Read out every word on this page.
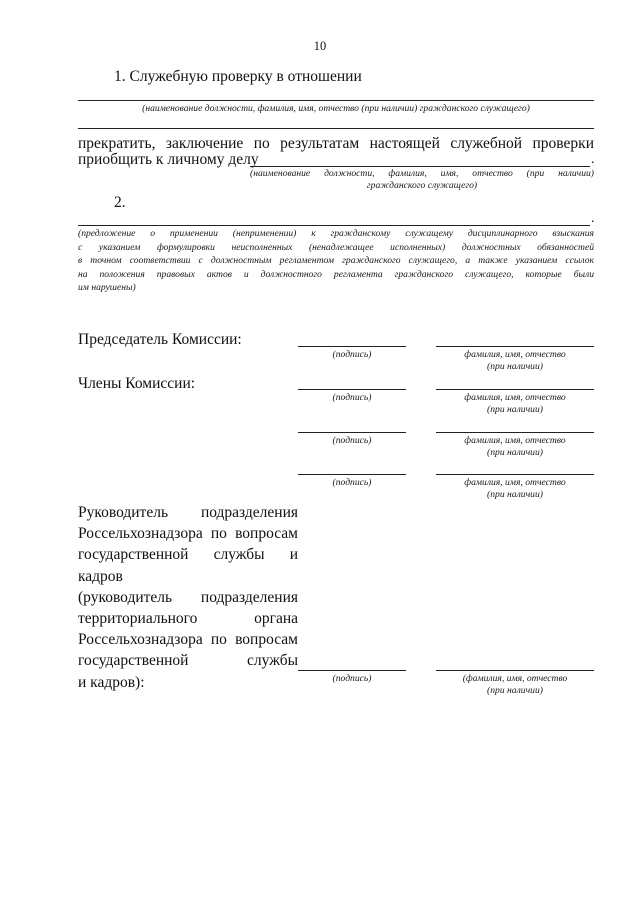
10
1. Служебную проверку в отношении
(наименование должности, фамилия, имя, отчество (при наличии) гражданского служащего)
прекратить, заключение по результатам настоящей служебной проверки
приобщить к личному делу	.
(наименование должности, фамилия, имя, отчество (при наличии)
гражданского служащего)
2.
.
(предложение о применении (неприменении) к гражданскому служащему дисциплинарного взыскания
с указанием формулировки неисполненных (ненадлежащее исполненных) должностных обязанностей
в точном соответствии с должностным регламентом гражданского служащего, а также указанием ссылок
на положения правовых актов и должностного регламента гражданского служащего, которые были
им нарушены)
Председатель Комиссии:
(подпись)	фамилия, имя, отчество
(при наличии)
Члены Комиссии:
(подпись)	фамилия, имя, отчество
(при наличии)
(подпись)	фамилия, имя, отчество
(при наличии)
(подпись)	фамилия, имя, отчество
(при наличии)
Руководитель подразделения
Россельхознадзора по вопросам
государственной службы и кадров
(руководитель подразделения
территориального органа
Россельхознадзора по вопросам
государственной службы
и кадров):	(подпись)	(фамилия, имя, отчество
(при наличии)
